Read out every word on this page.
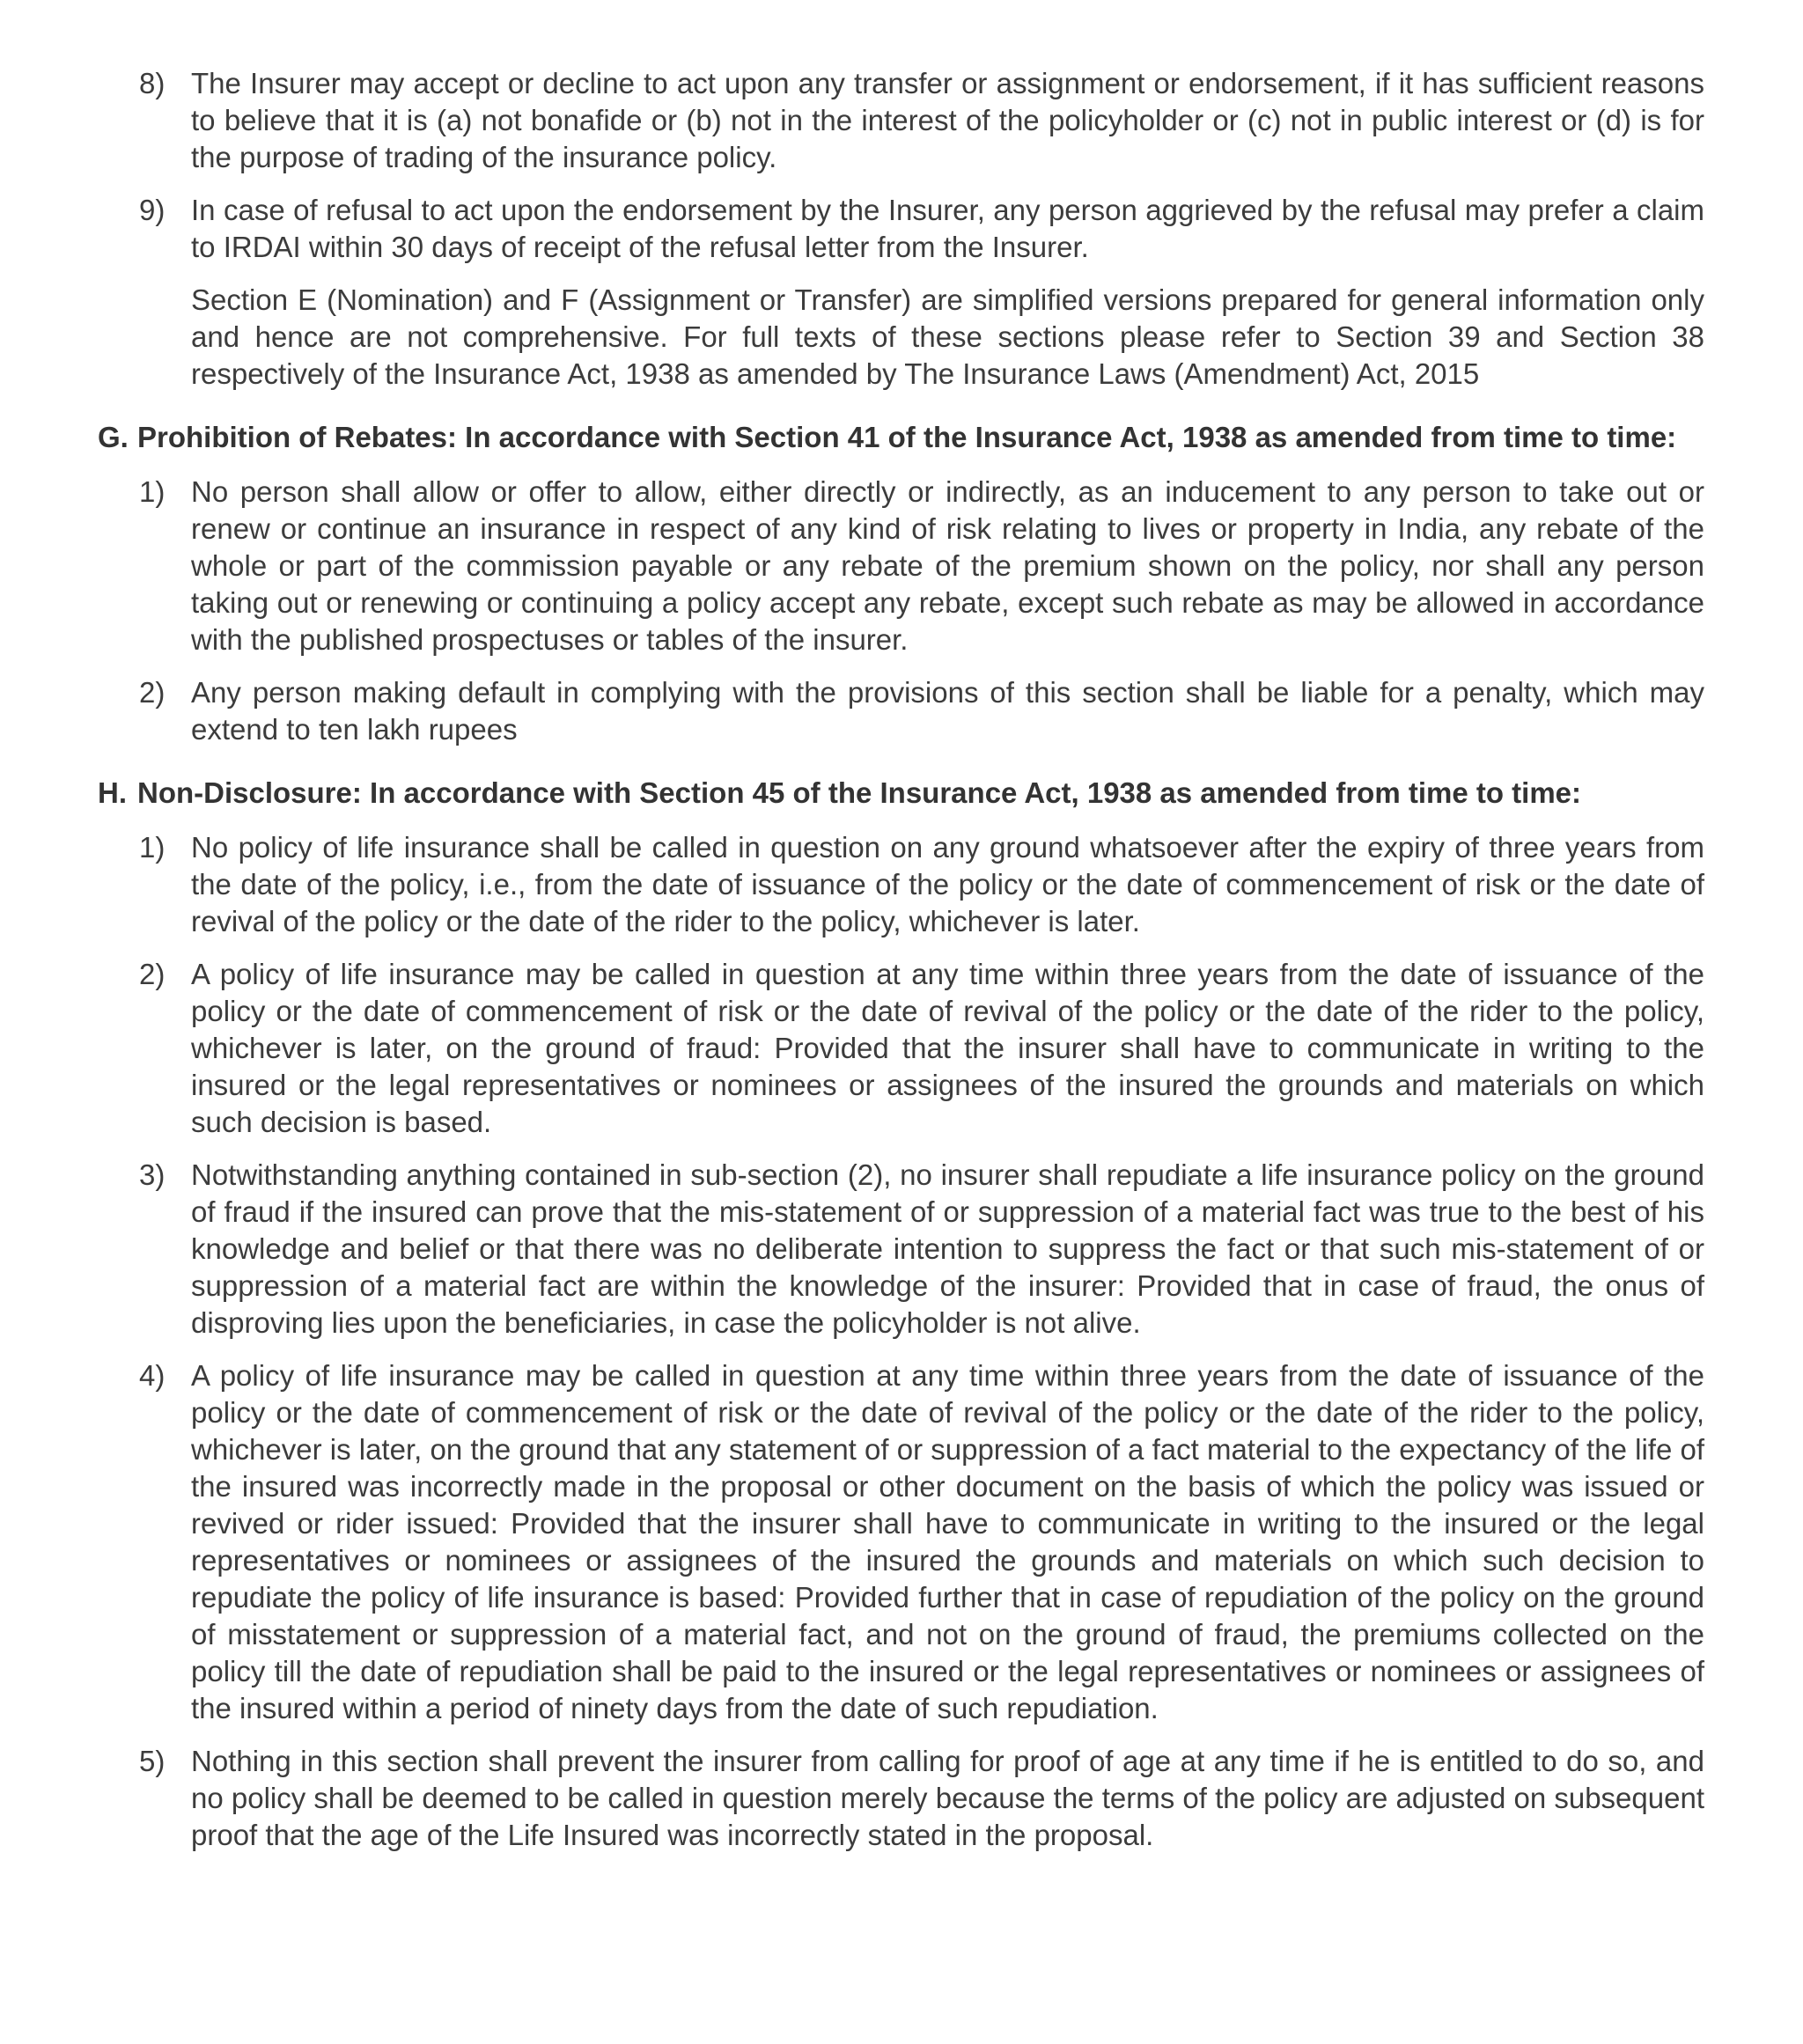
8) The Insurer may accept or decline to act upon any transfer or assignment or endorsement, if it has sufficient reasons to believe that it is (a) not bonafide or (b) not in the interest of the policyholder or (c) not in public interest or (d) is for the purpose of trading of the insurance policy.
9) In case of refusal to act upon the endorsement by the Insurer, any person aggrieved by the refusal may prefer a claim to IRDAI within 30 days of receipt of the refusal letter from the Insurer.

Section E (Nomination) and F (Assignment or Transfer) are simplified versions prepared for general information only and hence are not comprehensive. For full texts of these sections please refer to Section 39 and Section 38 respectively of the Insurance Act, 1938 as amended by The Insurance Laws (Amendment) Act, 2015

G. Prohibition of Rebates: In accordance with Section 41 of the Insurance Act, 1938 as amended from time to time:
1) No person shall allow or offer to allow, either directly or indirectly, as an inducement to any person to take out or renew or continue an insurance in respect of any kind of risk relating to lives or property in India, any rebate of the whole or part of the commission payable or any rebate of the premium shown on the policy, nor shall any person taking out or renewing or continuing a policy accept any rebate, except such rebate as may be allowed in accordance with the published prospectuses or tables of the insurer.
2) Any person making default in complying with the provisions of this section shall be liable for a penalty, which may extend to ten lakh rupees
H. Non-Disclosure: In accordance with Section 45 of the Insurance Act, 1938 as amended from time to time:
1) No policy of life insurance shall be called in question on any ground whatsoever after the expiry of three years from the date of the policy, i.e., from the date of issuance of the policy or the date of commencement of risk or the date of revival of the policy or the date of the rider to the policy, whichever is later.
2) A policy of life insurance may be called in question at any time within three years from the date of issuance of the policy or the date of commencement of risk or the date of revival of the policy or the date of the rider to the policy, whichever is later, on the ground of fraud: Provided that the insurer shall have to communicate in writing to the insured or the legal representatives or nominees or assignees of the insured the grounds and materials on which such decision is based.
3) Notwithstanding anything contained in sub-section (2), no insurer shall repudiate a life insurance policy on the ground of fraud if the insured can prove that the mis-statement of or suppression of a material fact was true to the best of his knowledge and belief or that there was no deliberate intention to suppress the fact or that such mis-statement of or suppression of a material fact are within the knowledge of the insurer: Provided that in case of fraud, the onus of disproving lies upon the beneficiaries, in case the policyholder is not alive.
4) A policy of life insurance may be called in question at any time within three years from the date of issuance of the policy or the date of commencement of risk or the date of revival of the policy or the date of the rider to the policy, whichever is later, on the ground that any statement of or suppression of a fact material to the expectancy of the life of the insured was incorrectly made in the proposal or other document on the basis of which the policy was issued or revived or rider issued: Provided that the insurer shall have to communicate in writing to the insured or the legal representatives or nominees or assignees of the insured the grounds and materials on which such decision to repudiate the policy of life insurance is based: Provided further that in case of repudiation of the policy on the ground of misstatement or suppression of a material fact, and not on the ground of fraud, the premiums collected on the policy till the date of repudiation shall be paid to the insured or the legal representatives or nominees or assignees of the insured within a period of ninety days from the date of such repudiation.
5) Nothing in this section shall prevent the insurer from calling for proof of age at any time if he is entitled to do so, and no policy shall be deemed to be called in question merely because the terms of the policy are adjusted on subsequent proof that the age of the Life Insured was incorrectly stated in the proposal.
